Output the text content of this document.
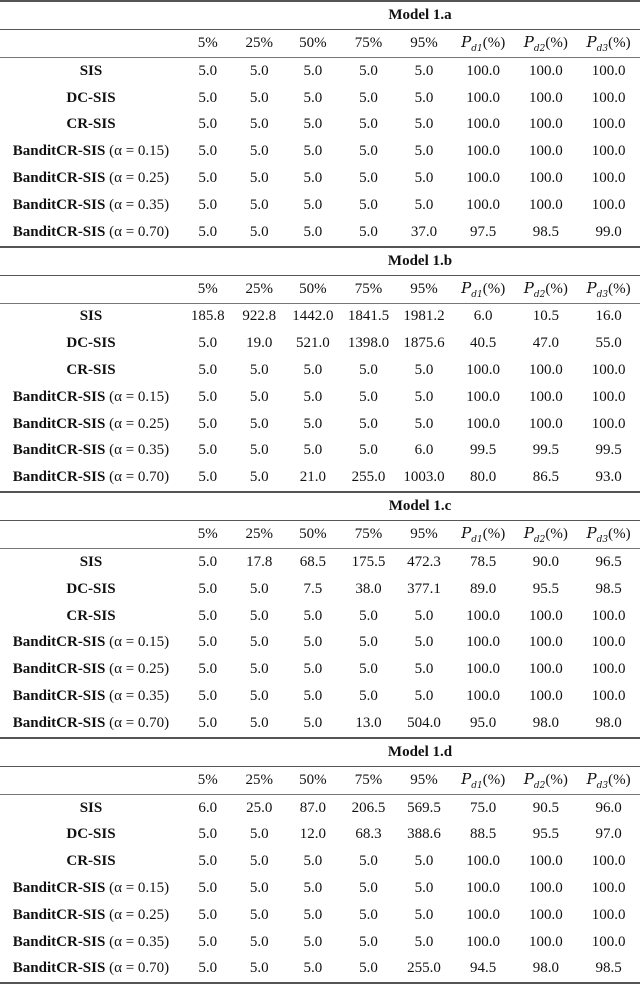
Model 1.a								
	5%	25%	50%	75%	95%	$P_{d1}(\%)$	$P_{d2}(\%)$	$P_{d3}(\%)$
SIS	5.0	5.0	5.0	5.0	5.0	100.0	100.0	100.0
DC-SIS	5.0	5.0	5.0	5.0	5.0	100.0	100.0	100.0
CR-SIS	5.0	5.0	5.0	5.0	5.0	100.0	100.0	100.0
BanditCR-SIS (α = 0.15)	5.0	5.0	5.0	5.0	5.0	100.0	100.0	100.0
BanditCR-SIS (α = 0.25)	5.0	5.0	5.0	5.0	5.0	100.0	100.0	100.0
BanditCR-SIS (α = 0.35)	5.0	5.0	5.0	5.0	5.0	100.0	100.0	100.0
BanditCR-SIS (α = 0.70)	5.0	5.0	5.0	5.0	37.0	97.5	98.5	99.0
Model 1.b								
	5%	25%	50%	75%	95%	$P_{d1}(\%)$	$P_{d2}(\%)$	$P_{d3}(\%)$
SIS	185.8	922.8	1442.0	1841.5	1981.2	6.0	10.5	16.0
DC-SIS	5.0	19.0	521.0	1398.0	1875.6	40.5	47.0	55.0
CR-SIS	5.0	5.0	5.0	5.0	5.0	100.0	100.0	100.0
BanditCR-SIS (α = 0.15)	5.0	5.0	5.0	5.0	5.0	100.0	100.0	100.0
BanditCR-SIS (α = 0.25)	5.0	5.0	5.0	5.0	5.0	100.0	100.0	100.0
BanditCR-SIS (α = 0.35)	5.0	5.0	5.0	5.0	6.0	99.5	99.5	99.5
BanditCR-SIS (α = 0.70)	5.0	5.0	21.0	255.0	1003.0	80.0	86.5	93.0
Model 1.c								
	5%	25%	50%	75%	95%	$P_{d1}(\%)$	$P_{d2}(\%)$	$P_{d3}(\%)$
SIS	5.0	17.8	68.5	175.5	472.3	78.5	90.0	96.5
DC-SIS	5.0	5.0	7.5	38.0	377.1	89.0	95.5	98.5
CR-SIS	5.0	5.0	5.0	5.0	5.0	100.0	100.0	100.0
BanditCR-SIS (α = 0.15)	5.0	5.0	5.0	5.0	5.0	100.0	100.0	100.0
BanditCR-SIS (α = 0.25)	5.0	5.0	5.0	5.0	5.0	100.0	100.0	100.0
BanditCR-SIS (α = 0.35)	5.0	5.0	5.0	5.0	5.0	100.0	100.0	100.0
BanditCR-SIS (α = 0.70)	5.0	5.0	5.0	13.0	504.0	95.0	98.0	98.0
Model 1.d								
	5%	25%	50%	75%	95%	$P_{d1}(\%)$	$P_{d2}(\%)$	$P_{d3}(\%)$
SIS	6.0	25.0	87.0	206.5	569.5	75.0	90.5	96.0
DC-SIS	5.0	5.0	12.0	68.3	388.6	88.5	95.5	97.0
CR-SIS	5.0	5.0	5.0	5.0	5.0	100.0	100.0	100.0
BanditCR-SIS (α = 0.15)	5.0	5.0	5.0	5.0	5.0	100.0	100.0	100.0
BanditCR-SIS (α = 0.25)	5.0	5.0	5.0	5.0	5.0	100.0	100.0	100.0
BanditCR-SIS (α = 0.35)	5.0	5.0	5.0	5.0	5.0	100.0	100.0	100.0
BanditCR-SIS (α = 0.70)	5.0	5.0	5.0	5.0	255.0	94.5	98.0	98.5
